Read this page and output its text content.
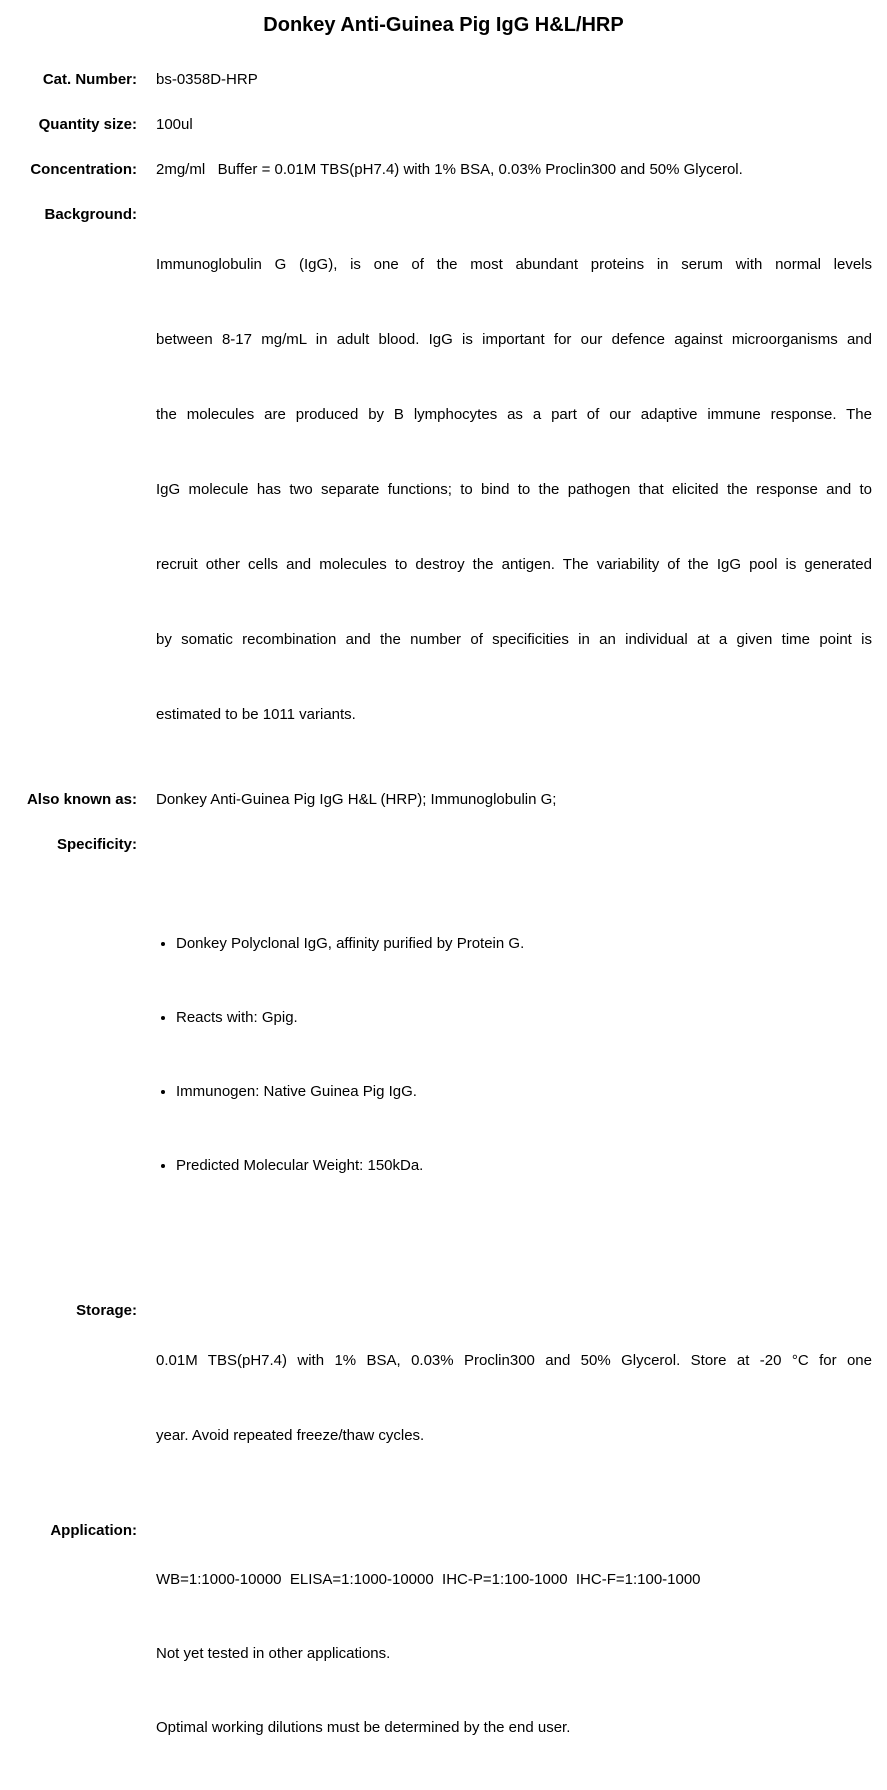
Donkey Anti-Guinea Pig IgG H&L/HRP
Cat. Number: bs-0358D-HRP
Quantity size: 100ul
Concentration: 2mg/ml   Buffer = 0.01M TBS(pH7.4) with 1% BSA, 0.03% Proclin300 and 50% Glycerol.
Background:

Immunoglobulin G (IgG), is one of the most abundant proteins in serum with normal levels

between 8-17 mg/mL in adult blood. IgG is important for our defence against microorganisms and

the molecules are produced by B lymphocytes as a part of our adaptive immune response. The

IgG molecule has two separate functions; to bind to the pathogen that elicited the response and to

recruit other cells and molecules to destroy the antigen. The variability of the IgG pool is generated

by somatic recombination and the number of specificities in an individual at a given time point is

estimated to be 1011 variants.

Also known as: Donkey Anti-Guinea Pig IgG H&L (HRP); Immunoglobulin G;
Specificity:

• Donkey Polyclonal IgG, affinity purified by Protein G.

• Reacts with: Gpig.

• Immunogen: Native Guinea Pig IgG.

• Predicted Molecular Weight: 150kDa.

Storage:

0.01M TBS(pH7.4) with 1% BSA, 0.03% Proclin300 and 50% Glycerol. Store at -20 °C for one

year. Avoid repeated freeze/thaw cycles.

Application:

WB=1:1000-10000  ELISA=1:1000-10000  IHC-P=1:100-1000  IHC-F=1:100-1000

Not yet tested in other applications.

Optimal working dilutions must be determined by the end user.
